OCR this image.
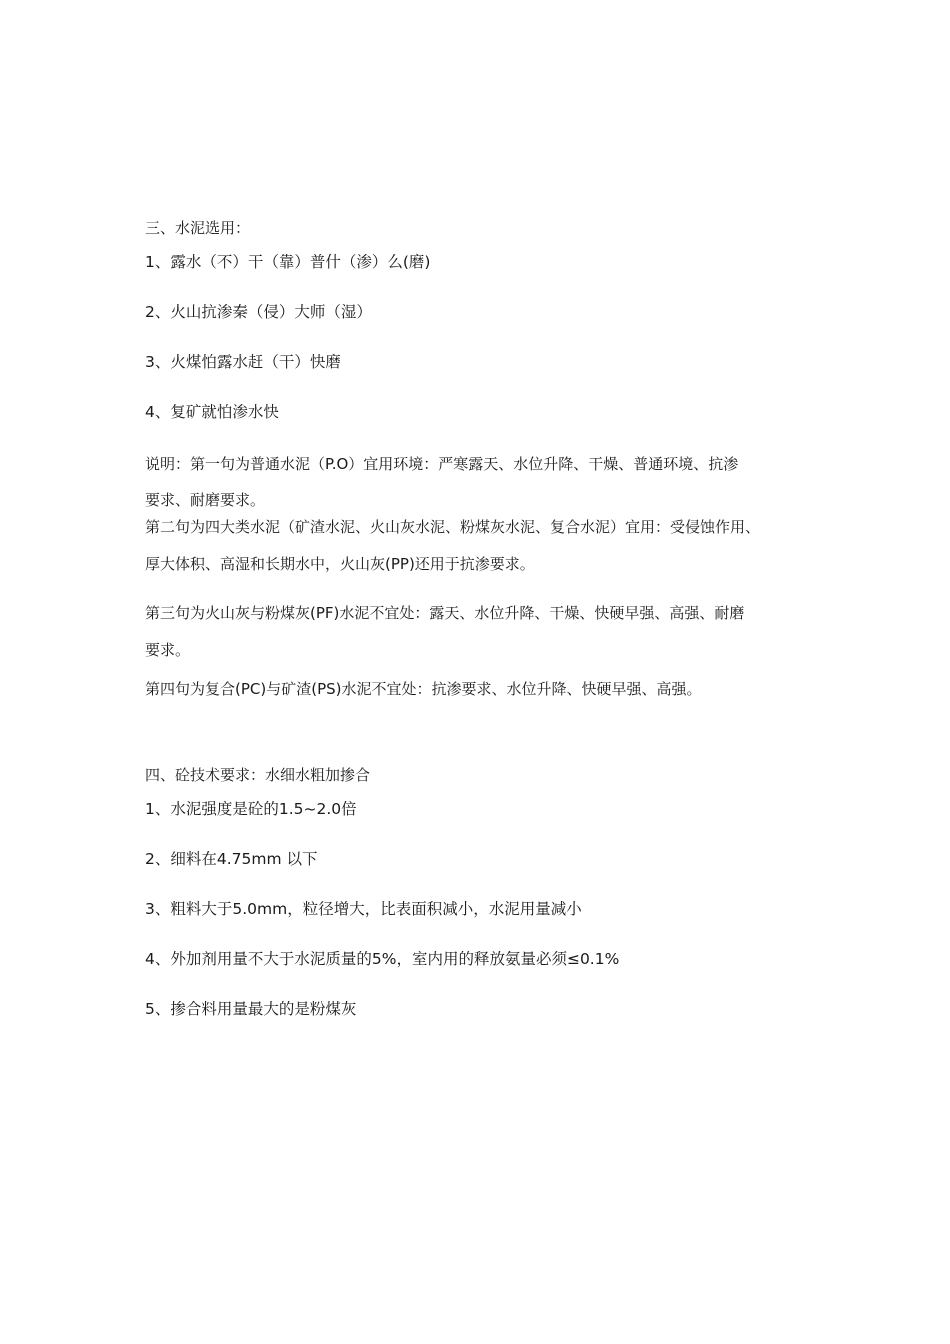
三、水泥选用：
1、露水（不）干（靠）普什（渗）么(磨)
2、火山抗渗秦（侵）大师（湿）
3、火煤怕露水赶（干）快磨
4、复矿就怕渗水快
说明：第一句为普通水泥（P.O）宜用环境：严寒露天、水位升降、干燥、普通环境、抗渗
要求、耐磨要求。
第二句为四大类水泥（矿渣水泥、火山灰水泥、粉煤灰水泥、复合水泥）宜用：受侵蚀作用、
厚大体积、高湿和长期水中，火山灰(PP)还用于抗渗要求。
第三句为火山灰与粉煤灰(PF)水泥不宜处：露天、水位升降、干燥、快硬早强、高强、耐磨
要求。
第四句为复合(PC)与矿渣(PS)水泥不宜处：抗渗要求、水位升降、快硬早强、高强。
四、砼技术要求：水细水粗加掺合
1、水泥强度是砼的1.5~2.0倍
2、细料在4.75mm 以下
3、粗料大于5.0mm，粒径增大，比表面积减小，水泥用量减小
4、外加剂用量不大于水泥质量的5%，室内用的释放氨量必须≤0.1%
5、掺合料用量最大的是粉煤灰
